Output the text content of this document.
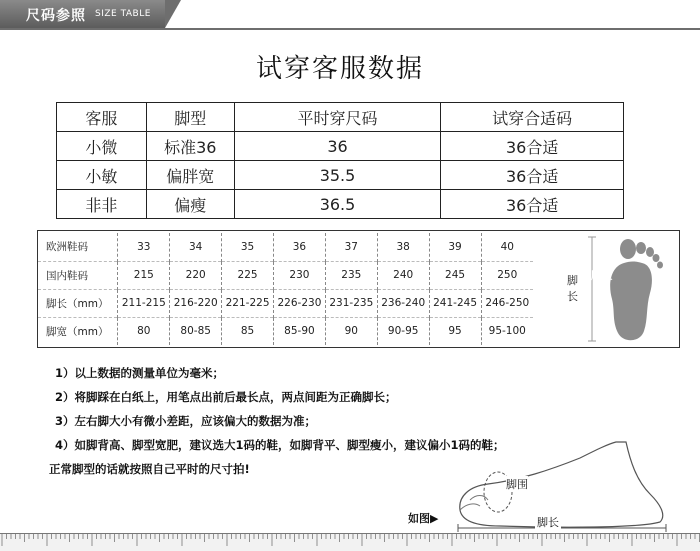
尺码参照 SIZE TABLE
试穿客服数据
客服	脚型	平时穿尺码	试穿合适码
小微	标准36	36	36合适
小敏	偏胖宽	35.5	36合适
非非	偏瘦	36.5	36合适
欧洲鞋码	33	34	35	36	37	38	39	40
国内鞋码	215	220	225	230	235	240	245	250
脚长（mm）	211-215	216-220	221-225	226-230	231-235	236-240	241-245	246-250
脚宽（mm）	80	80-85	85	85-90	90	90-95	95	95-100
脚长
脚宽
1）以上数据的测量单位为毫米；
2）将脚踩在白纸上，用笔点出前后最长点，两点间距为正确脚长；
3）左右脚大小有微小差距，应该偏大的数据为准；
4）如脚背高、脚型宽肥，建议选大1码的鞋，如脚背平、脚型瘦小，建议偏小1码的鞋；
正常脚型的话就按照自己平时的尺寸拍!
如图▶
脚围
脚长
